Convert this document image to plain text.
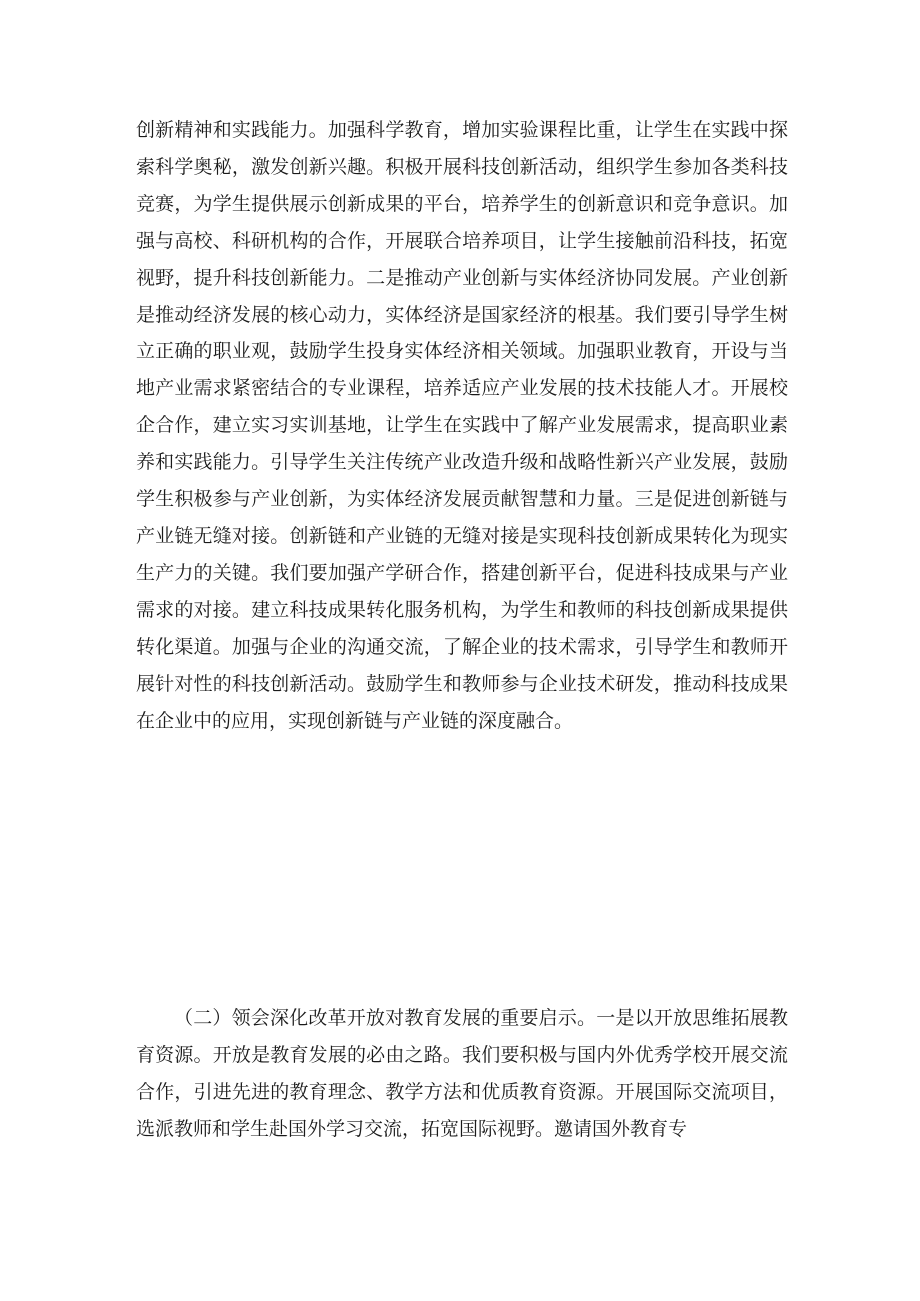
创新精神和实践能力。加强科学教育，增加实验课程比重，让学生在实践中探索科学奥秘，激发创新兴趣。积极开展科技创新活动，组织学生参加各类科技竞赛，为学生提供展示创新成果的平台，培养学生的创新意识和竞争意识。加强与高校、科研机构的合作，开展联合培养项目，让学生接触前沿科技，拓宽视野，提升科技创新能力。二是推动产业创新与实体经济协同发展。产业创新是推动经济发展的核心动力，实体经济是国家经济的根基。我们要引导学生树立正确的职业观，鼓励学生投身实体经济相关领域。加强职业教育，开设与当地产业需求紧密结合的专业课程，培养适应产业发展的技术技能人才。开展校企合作，建立实习实训基地，让学生在实践中了解产业发展需求，提高职业素养和实践能力。引导学生关注传统产业改造升级和战略性新兴产业发展，鼓励学生积极参与产业创新，为实体经济发展贡献智慧和力量。三是促进创新链与产业链无缝对接。创新链和产业链的无缝对接是实现科技创新成果转化为现实生产力的关键。我们要加强产学研合作，搭建创新平台，促进科技成果与产业需求的对接。建立科技成果转化服务机构，为学生和教师的科技创新成果提供转化渠道。加强与企业的沟通交流，了解企业的技术需求，引导学生和教师开展针对性的科技创新活动。鼓励学生和教师参与企业技术研发，推动科技成果在企业中的应用，实现创新链与产业链的深度融合。

（二）领会深化改革开放对教育发展的重要启示。一是以开放思维拓展教育资源。开放是教育发展的必由之路。我们要积极与国内外优秀学校开展交流合作，引进先进的教育理念、教学方法和优质教育资源。开展国际交流项目，选派教师和学生赴国外学习交流，拓宽国际视野。邀请国外教育专
